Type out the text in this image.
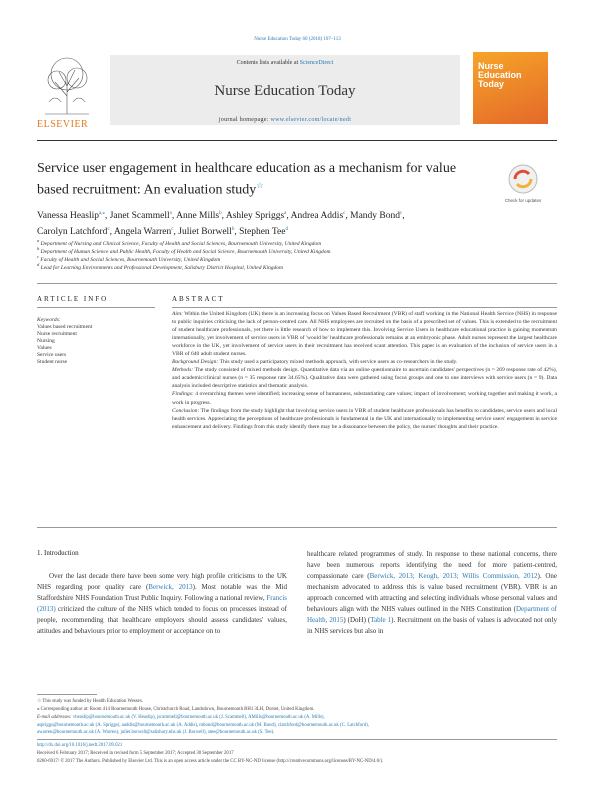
Nurse Education Today 60 (2018) 107–113
ELSEVIER
Contents lists available at ScienceDirect
Nurse Education Today
journal homepage: www.elsevier.com/locate/nedt
Nurse Education Today
Service user engagement in healthcare education as a mechanism for value based recruitment: An evaluation study☆
Check for updates
Vanessa Heaslip$^{a,⁎}$, Janet Scammell$^a$, Anne Mills$^b$, Ashley Spriggs$^a$, Andrea Addis$^c$, Mandy Bond$^c$,
Carolyn Latchford$^c$, Angela Warren$^c$, Juliet Borwell$^b$, Stephen Tee$^d$
$^a$ Department of Nursing and Clinical Science, Faculty of Health and Social Sciences, Bournemouth University, United Kingdom
$^b$ Department of Human Science and Public Health, Faculty of Health and Social Science, Bournemouth University, United Kingdom
$^c$ Faculty of Health and Social Sciences, Bournemouth University, United Kingdom
$^d$ Lead for Learning Environments and Professional Development, Salisbury District Hospital, United Kingdom
ARTICLE INFO
Keywords:
Values based recruitment
Nurse recruitment
Nursing
Values
Service users
Student nurse
ABSTRACT
Aim: Within the United Kingdom (UK) there is an increasing focus on Values Based Recruitment (VBR) of staff working in the National Health Service (NHS) in response to public inquiries criticising the lack of person-centred care. All NHS employees are recruited on the basis of a prescribed set of values. This is extended to the recruitment of student healthcare professionals, yet there is little research of how to implement this. Involving Service Users in healthcare educational practice is gaining momentum internationally, yet involvement of service users in VBR of 'would be' healthcare professionals remains at an embryonic phase. Adult nurses represent the largest healthcare workforce in the UK, yet involvement of service users in their recruitment has received scant attention. This paper is an evaluation of the inclusion of service users in a VBR of 640 adult student nurses.
Background Design: This study used a participatory mixed methods approach, with service users as co-researchers in the study.
Methods: The study consisted of mixed methods design. Quantitative data via an online questionnaire to ascertain candidates' perspectives (n = 269 response rate of 42%), and academic/clinical nurses (n = 35 response rate 34.65%). Qualitative data were gathered using focus groups and one to one interviews with service users (n = 9). Data analysis included descriptive statistics and thematic analysis.
Findings: 4 overarching themes were identified; increasing sense of humanness, substantiating care values; impact of involvement; working together and making it work, a work in progress.
Conclusion: The findings from the study highlight that involving service users in VBR of student healthcare professionals has benefits to candidates, service users and local health services. Appreciating the perceptions of healthcare professionals is fundamental in the UK and internationally to implementing service users' engagement in service enhancement and delivery. Findings from this study identify there may be a dissonance between the policy, the nurses' thoughts and their practice.
1. Introduction
Over the last decade there have been some very high profile criticisms to the UK NHS regarding poor quality care (Berwick, 2013). Most notable was the Mid Staffordshire NHS Foundation Trust Public Inquiry. Following a national review, Francis (2013) criticized the culture of the NHS which tended to focus on processes instead of people, recommending that healthcare employers should assess candidates' values, attitudes and behaviours prior to employment or acceptance on to
healthcare related programmes of study. In response to these national concerns, there have been numerous reports identifying the need for more patient-centred, compassionate care (Berwick, 2013; Keogh, 2013; Willis Commission, 2012). One mechanism advocated to address this is value based recruitment (VBR). VBR is an approach concerned with attracting and selecting individuals whose personal values and behaviours align with the NHS values outlined in the NHS Constitution (Department of Health, 2015) (DoH) (Table 1). Recruitment on the basis of values is advocated not only in NHS services but also in
☆ This study was funded by Health Education Wessex.
⁎ Corresponding author at: Room 414 Bournemouth House, Christchurch Road, Landsdown, Bournemouth BH1 3LH, Dorset, United Kingdom.
E-mail addresses: vheaslip@bournemouth.ac.uk (V. Heaslip), jscammell@bournemouth.ac.uk (J. Scammell), AMills@bournemouth.ac.uk (A. Mills),
aspriggs@bournemouth.ac.uk (A. Spriggs), aaddis@bournemouth.ac.uk (A. Addis), mbond@bournemouth.ac.uk (M. Bond), clatchford@bournemouth.ac.uk (C. Latchford),
awarren@bournemouth.ac.uk (A. Warren), juliet.borwell@salisbury.nhs.uk (J. Borwell), stee@bournemouth.ac.uk (S. Tee).
http://dx.doi.org/10.1016/j.nedt.2017.09.021
Received 6 February 2017; Received in revised form 5 September 2017; Accepted 30 September 2017
0260-6917/ © 2017 The Authors. Published by Elsevier Ltd. This is an open access article under the CC BY-NC-ND license (http://creativecommons.org/licenses/BY-NC-ND/4.0/).
